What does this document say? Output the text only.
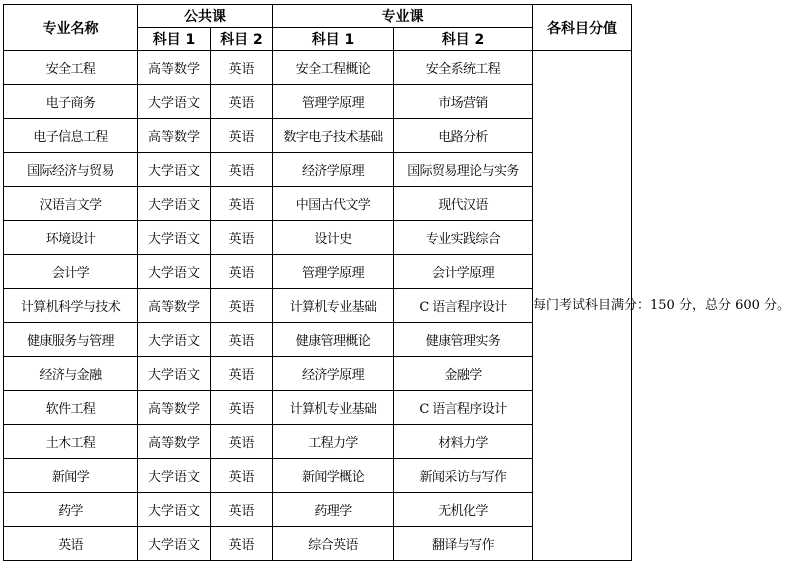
专业名称	公共课		专业课		各科目分值
	科目 1	科目 2	科目 1	科目 2	
安全工程	高等数学	英语	安全工程概论	安全系统工程	每门考试科目满分：150 分，总分 600 分。
电子商务	大学语文	英语	管理学原理	市场营销	
电子信息工程	高等数学	英语	数字电子技术基础	电路分析	
国际经济与贸易	大学语文	英语	经济学原理	国际贸易理论与实务	
汉语言文学	大学语文	英语	中国古代文学	现代汉语	
环境设计	大学语文	英语	设计史	专业实践综合	
会计学	大学语文	英语	管理学原理	会计学原理	
计算机科学与技术	高等数学	英语	计算机专业基础	C 语言程序设计	
健康服务与管理	大学语文	英语	健康管理概论	健康管理实务	
经济与金融	大学语文	英语	经济学原理	金融学	
软件工程	高等数学	英语	计算机专业基础	C 语言程序设计	
土木工程	高等数学	英语	工程力学	材料力学	
新闻学	大学语文	英语	新闻学概论	新闻采访与写作	
药学	大学语文	英语	药理学	无机化学	
英语	大学语文	英语	综合英语	翻译与写作	
